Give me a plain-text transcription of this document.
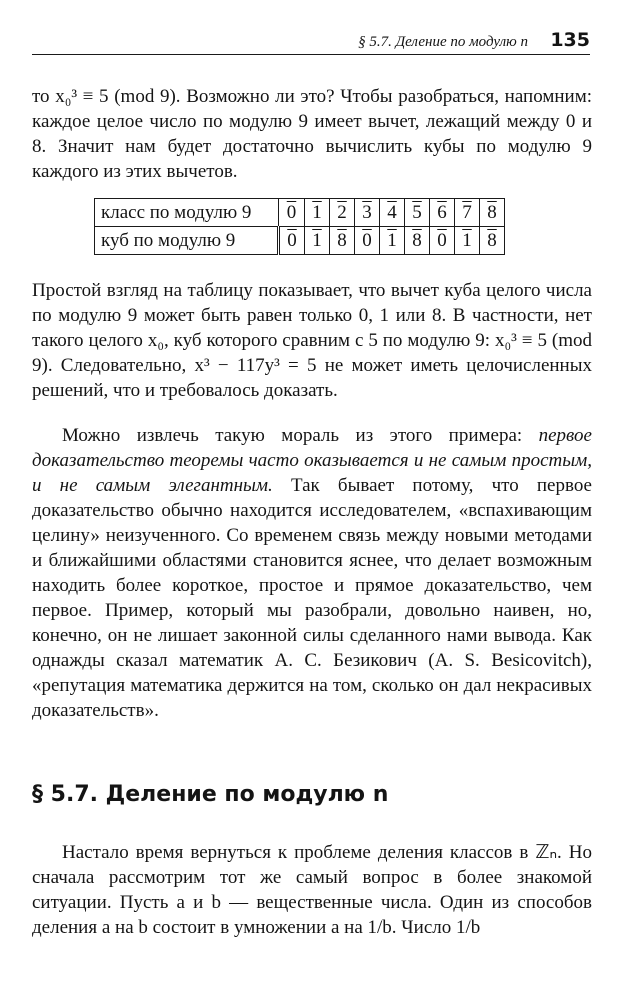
§ 5.7. Деление по модулю n 135

то x₀³ ≡ 5 (mod 9). Возможно ли это? Чтобы разобраться, напомним: каждое целое число по модулю 9 имеет вычет, лежащий между 0 и 8. Значит нам будет достаточно вычислить кубы по модулю 9 каждого из этих вычетов.

класс по модулю 9	0	1	2	3	4	5	6	7	8
куб по модулю 9	0	1	8	0	1	8	0	1	8

Простой взгляд на таблицу показывает, что вычет куба целого числа по модулю 9 может быть равен только 0, 1 или 8. В частности, нет такого целого x₀, куб которого сравним с 5 по модулю 9: x₀³ ≡ 5 (mod 9). Следовательно, x³ − 117y³ = 5 не может иметь целочисленных решений, что и требовалось доказать.

Можно извлечь такую мораль из этого примера: первое доказательство теоремы часто оказывается и не самым простым, и не самым элегантным. Так бывает потому, что первое доказательство обычно находится исследователем, «вспахивающим целину» неизученного. Со временем связь между новыми методами и ближайшими областями становится яснее, что делает возможным находить более короткое, простое и прямое доказательство, чем первое. Пример, который мы разобрали, довольно наивен, но, конечно, он не лишает законной силы сделанного нами вывода. Как однажды сказал математик А. С. Безикович (A. S. Besicovitch), «репутация математика держится на том, сколько он дал некрасивых доказательств».

§ 5.7. Деление по модулю n

Настало время вернуться к проблеме деления классов в ℤₙ. Но сначала рассмотрим тот же самый вопрос в более знакомой ситуации. Пусть a и b — вещественные числа. Один из способов деления a на b состоит в умножении a на 1/b. Число 1/b
